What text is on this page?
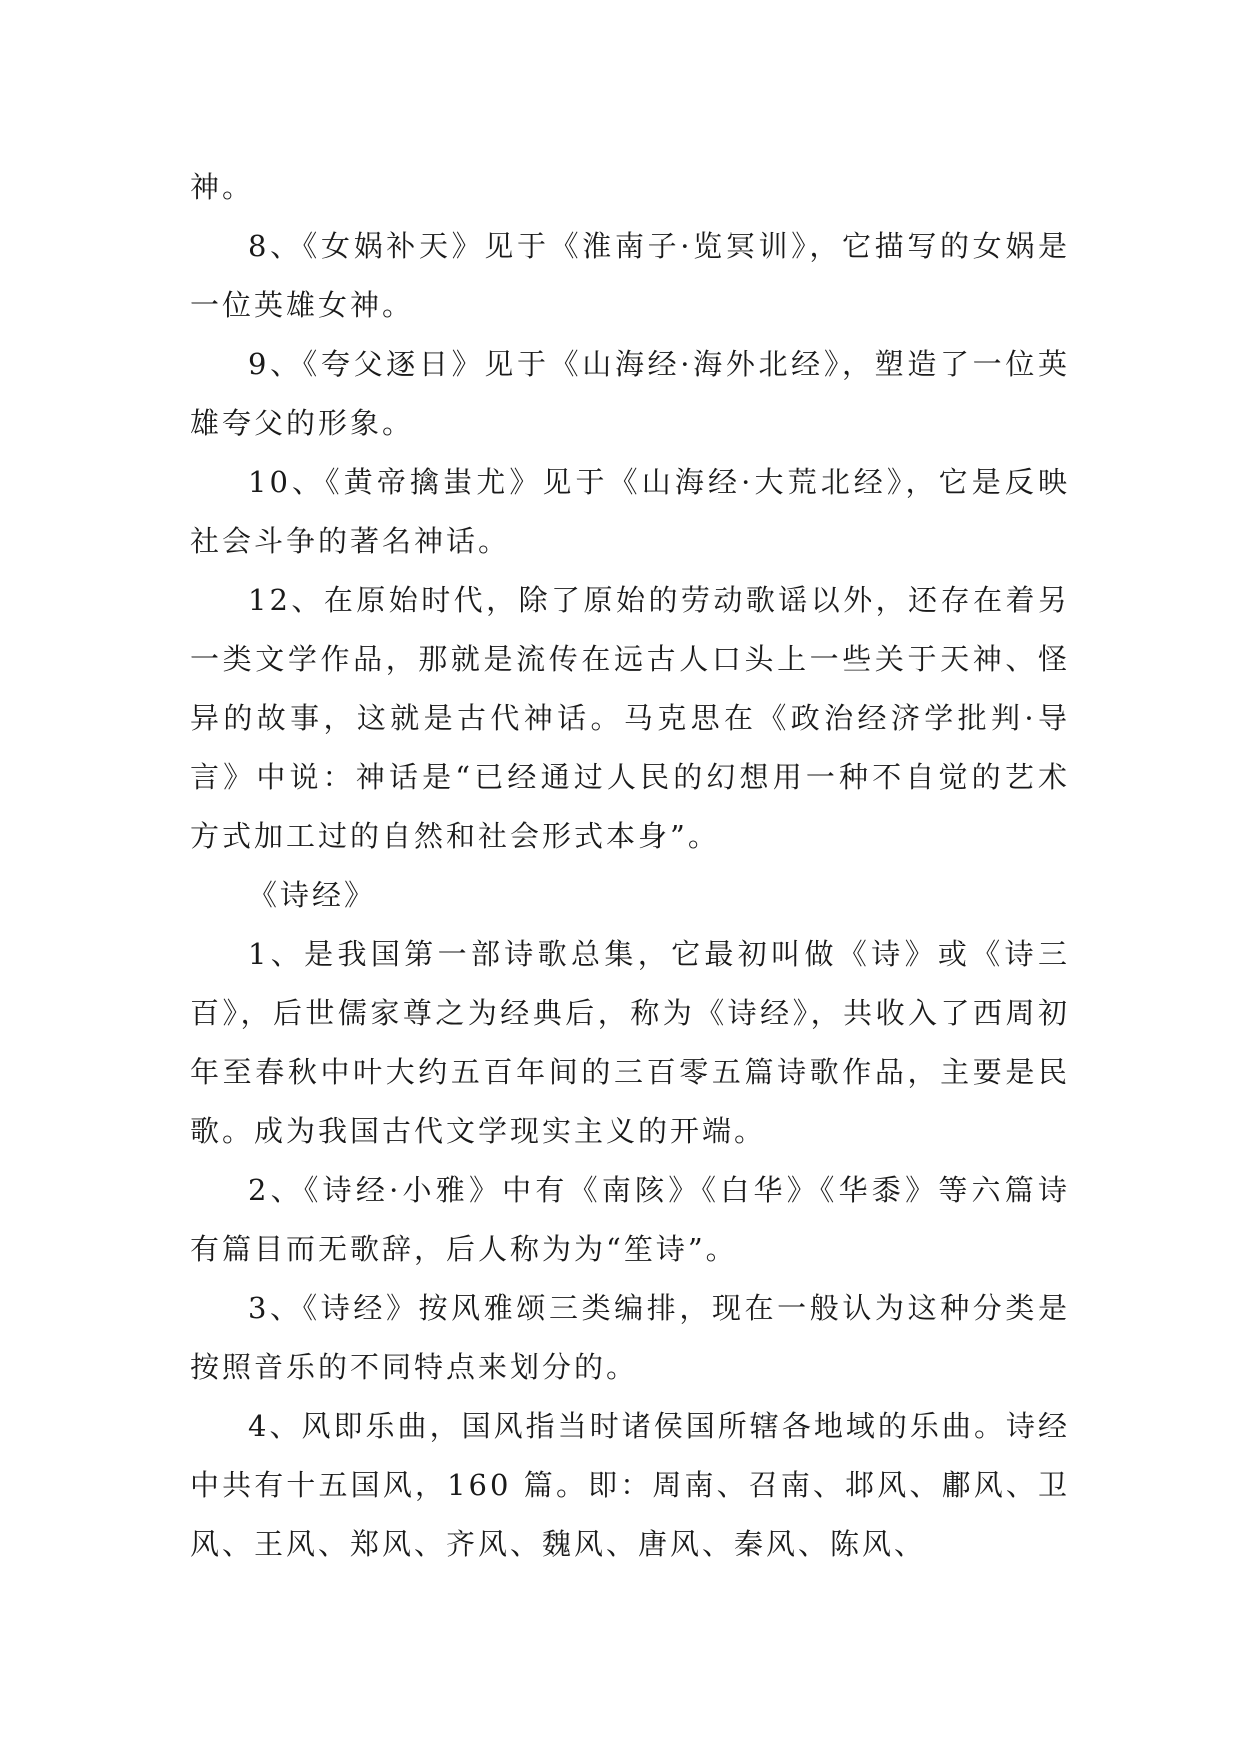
神。

8、《女娲补天》见于《淮南子·览冥训》，它描写的女娲是一位英雄女神。

9、《夸父逐日》见于《山海经·海外北经》，塑造了一位英雄夸父的形象。

10、《黄帝擒蚩尤》见于《山海经·大荒北经》，它是反映社会斗争的著名神话。

12、在原始时代，除了原始的劳动歌谣以外，还存在着另一类文学作品，那就是流传在远古人口头上一些关于天神、怪异的故事，这就是古代神话。马克思在《政治经济学批判·导言》中说：神话是“已经通过人民的幻想用一种不自觉的艺术方式加工过的自然和社会形式本身”。

《诗经》

1、是我国第一部诗歌总集，它最初叫做《诗》或《诗三百》，后世儒家尊之为经典后，称为《诗经》，共收入了西周初年至春秋中叶大约五百年间的三百零五篇诗歌作品，主要是民歌。成为我国古代文学现实主义的开端。

2、《诗经·小雅》中有《南陔》《白华》《华黍》等六篇诗有篇目而无歌辞，后人称为为“笙诗”。

3、《诗经》按风雅颂三类编排，现在一般认为这种分类是按照音乐的不同特点来划分的。

4、风即乐曲，国风指当时诸侯国所辖各地域的乐曲。诗经中共有十五国风，160 篇。即：周南、召南、邶风、鄘风、卫风、王风、郑风、齐风、魏风、唐风、秦风、陈风、
